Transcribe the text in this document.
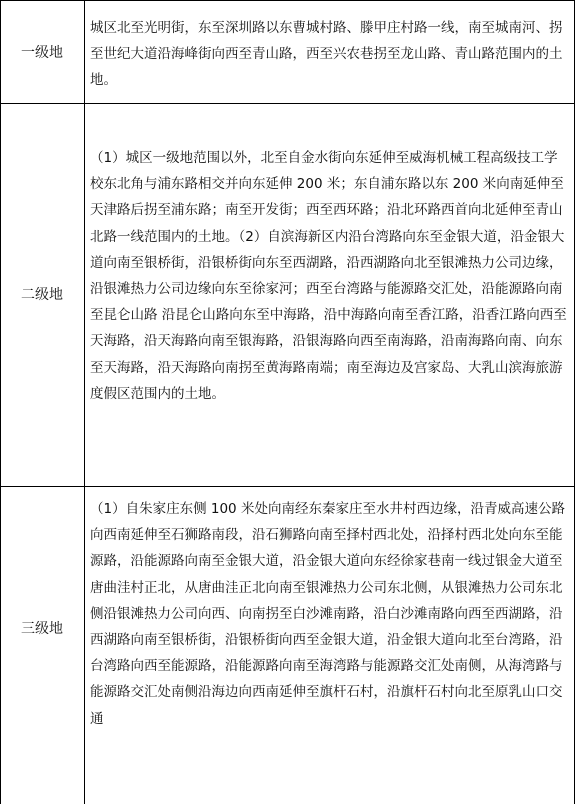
一级地
城区北至光明街，东至深圳路以东曹城村路、滕甲庄村路一线，南至城南河、拐至世纪大道沿海峰街向西至青山路，西至兴农巷拐至龙山路、青山路范围内的土地。
二级地
（1）城区一级地范围以外，北至自金水街向东延伸至威海机械工程高级技工学校东北角与浦东路相交并向东延伸 200 米；东自浦东路以东 200 米向南延伸至天津路后拐至浦东路；南至开发街；西至西环路；沿北环路西首向北延伸至青山北路一线范围内的土地。（2）自滨海新区内沿台湾路向东至金银大道，沿金银大道向南至银桥街，沿银桥街向东至西湖路，沿西湖路向北至银滩热力公司边缘，沿银滩热力公司边缘向东至徐家河；西至台湾路与能源路交汇处，沿能源路向南至昆仑山路 沿昆仑山路向东至中海路，沿中海路向南至香江路，沿香江路向西至天海路，沿天海路向南至银海路，沿银海路向西至南海路，沿南海路向南、向东至天海路，沿天海路向南拐至黄海路南端；南至海边及宫家岛、大乳山滨海旅游度假区范围内的土地。
三级地
（1）自朱家庄东侧 100 米处向南经东秦家庄至水井村西边缘，沿青威高速公路向西南延伸至石狮路南段，沿石狮路向南至择村西北处，沿择村西北处向东至能源路，沿能源路向南至金银大道，沿金银大道向东经徐家巷南一线过银金大道至唐曲洼村正北，从唐曲洼正北向南至银滩热力公司东北侧，从银滩热力公司东北侧沿银滩热力公司向西、向南拐至白沙滩南路，沿白沙滩南路向西至西湖路，沿西湖路向南至银桥街，沿银桥街向西至金银大道，沿金银大道向北至台湾路，沿台湾路向西至能源路，沿能源路向南至海湾路与能源路交汇处南侧，从海湾路与能源路交汇处南侧沿海边向西南延伸至旗杆石村，沿旗杆石村向北至原乳山口交通
